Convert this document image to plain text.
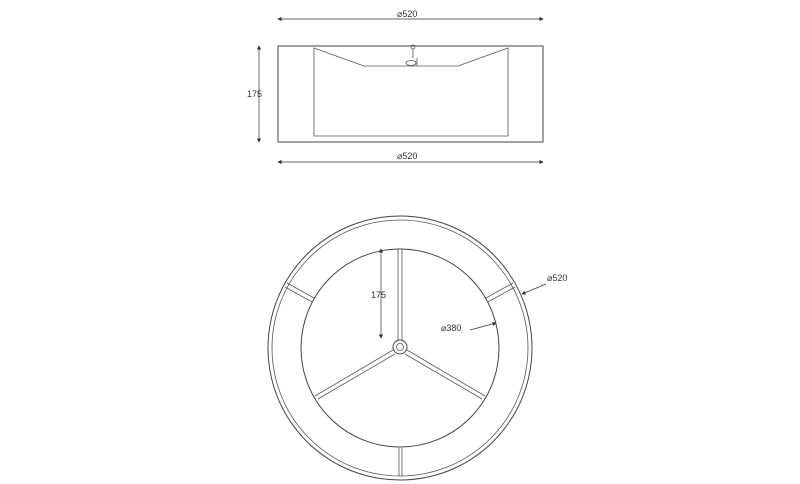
⌀520
175
⌀520
175
⌀380
⌀520
